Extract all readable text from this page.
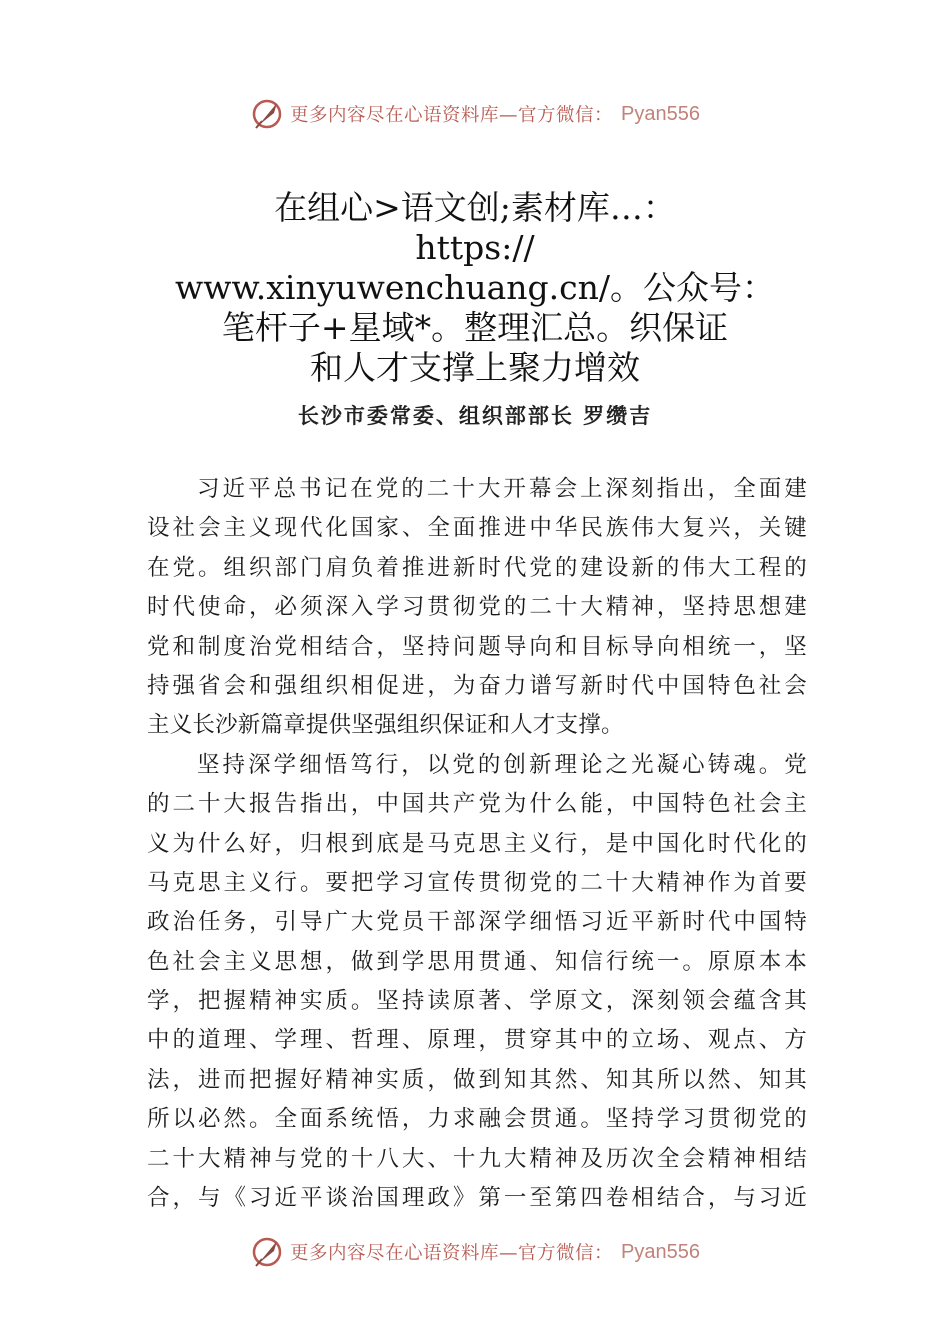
更多内容尽在心语资料库—官方微信： Pyan556
在组心>语文创;素材库…：
https://
www.xinyuwenchuang.cn/。公众号：
笔杆子+星域*。整理汇总。织保证
和人才支撑上聚力增效
长沙市委常委、组织部部长 罗缵吉
习近平总书记在党的二十大开幕会上深刻指出，全面建
设社会主义现代化国家、全面推进中华民族伟大复兴，关键
在党。组织部门肩负着推进新时代党的建设新的伟大工程的
时代使命，必须深入学习贯彻党的二十大精神，坚持思想建
党和制度治党相结合，坚持问题导向和目标导向相统一，坚
持强省会和强组织相促进，为奋力谱写新时代中国特色社会
主义长沙新篇章提供坚强组织保证和人才支撑。
坚持深学细悟笃行，以党的创新理论之光凝心铸魂。党
的二十大报告指出，中国共产党为什么能，中国特色社会主
义为什么好，归根到底是马克思主义行，是中国化时代化的
马克思主义行。要把学习宣传贯彻党的二十大精神作为首要
政治任务，引导广大党员干部深学细悟习近平新时代中国特
色社会主义思想，做到学思用贯通、知信行统一。原原本本
学，把握精神实质。坚持读原著、学原文，深刻领会蕴含其
中的道理、学理、哲理、原理，贯穿其中的立场、观点、方
法，进而把握好精神实质，做到知其然、知其所以然、知其
所以必然。全面系统悟，力求融会贯通。坚持学习贯彻党的
二十大精神与党的十八大、十九大精神及历次全会精神相结
合，与《习近平谈治国理政》第一至第四卷相结合，与习近
更多内容尽在心语资料库—官方微信： Pyan556
